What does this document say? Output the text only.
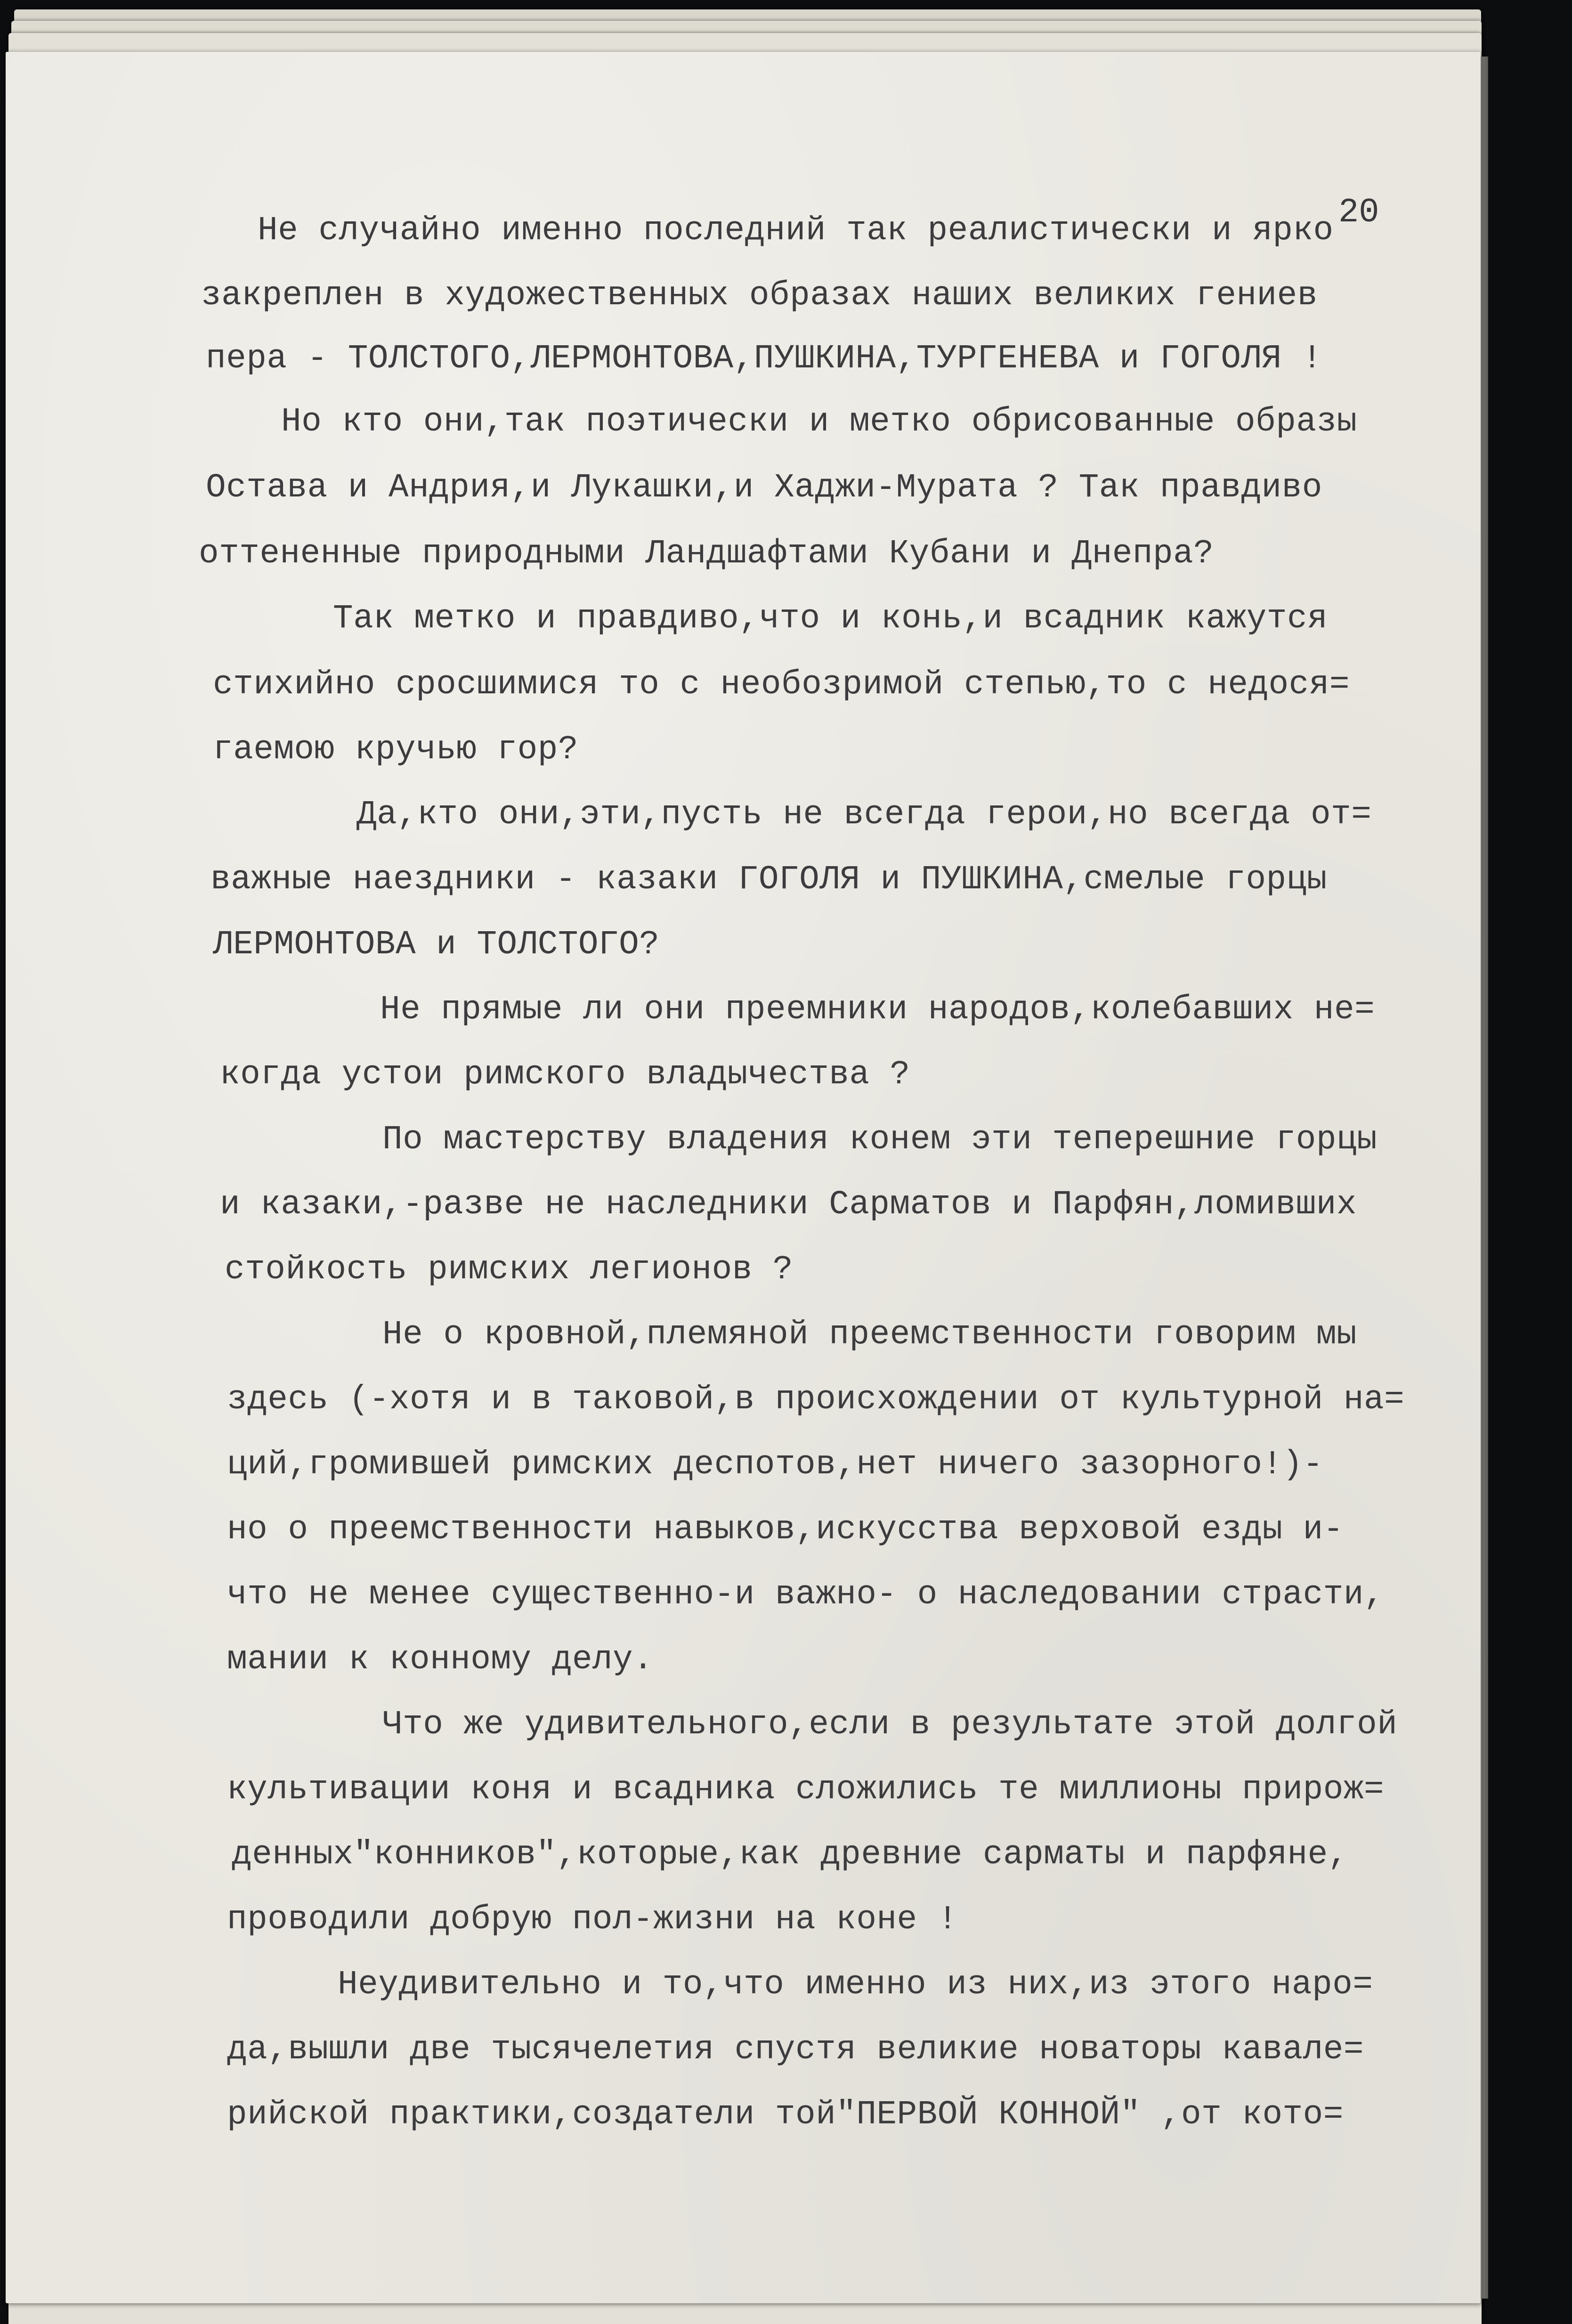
20
Не случайно именно последний так реалистически и ярко
закреплен в художественных образах наших великих гениев
пера - ТОЛСТОГО,ЛЕРМОНТОВА,ПУШКИНА,ТУРГЕНЕВА и ГОГОЛЯ !
Но кто они,так поэтически и метко обрисованные образы
Остава и Андрия,и Лукашки,и Хаджи-Мурата ? Так правдиво
оттененные природными Ландшафтами Кубани и Днепра?
Так метко и правдиво,что и конь,и всадник кажутся
стихийно сросшимися то с необозримой степью,то с недося=
гаемою кручью гор?
Да,кто они,эти,пусть не всегда герои,но всегда от=
важные наездники - казаки ГОГОЛЯ и ПУШКИНА,смелые горцы
ЛЕРМОНТОВА и ТОЛСТОГО?
Не прямые ли они преемники народов,колебавших не=
когда устои римского владычества ?
По мастерству владения конем эти теперешние горцы
и казаки,-разве не наследники Сарматов и Парфян,ломивших
стойкость римских легионов ?
Не о кровной,племяной преемственности говорим мы
здесь (-хотя и в таковой,в происхождении от культурной на=
ций,громившей римских деспотов,нет ничего зазорного!)-
но о преемственности навыков,искусства верховой езды и-
что не менее существенно-и важно- о наследовании страсти,
мании к конному делу.
Что же удивительного,если в результате этой долгой
культивации коня и всадника сложились те миллионы прирож=
денных"конников",которые,как древние сарматы и парфяне,
проводили добрую пол-жизни на коне !
Неудивительно и то,что именно из них,из этого наро=
да,вышли две тысячелетия спустя великие новаторы кавале=
рийской практики,создатели той"ПЕРВОЙ КОННОЙ" ,от кото=
